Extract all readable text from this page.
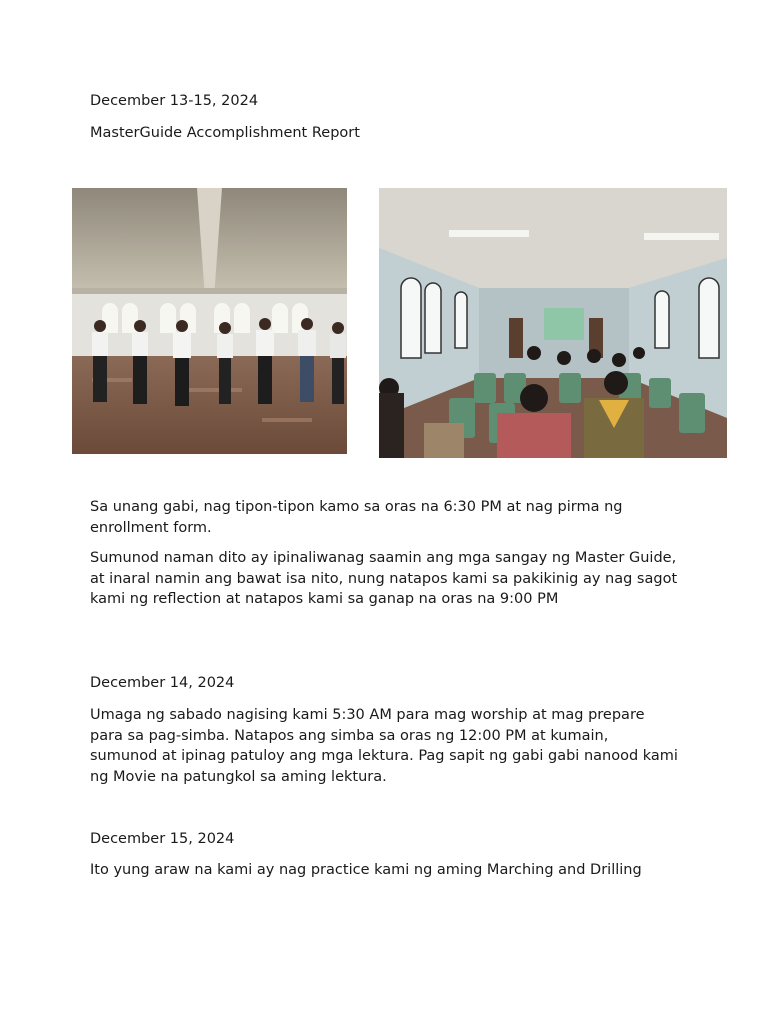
December 13-15, 2024

MasterGuide Accomplishment Report

Sa unang gabi, nag tipon-tipon kamo sa oras na 6:30 PM at nag pirma ng enrollment form.

Sumunod naman dito ay ipinaliwanag saamin ang mga sangay ng Master Guide, at inaral namin ang bawat isa nito, nung natapos kami sa pakikinig ay nag sagot kami ng reflection at natapos kami sa ganap na oras na 9:00 PM

December 14, 2024

Umaga ng sabado nagising kami 5:30 AM para mag worship at mag prepare para sa pag-simba. Natapos ang simba sa oras ng 12:00 PM at kumain, sumunod at ipinag patuloy ang mga lektura. Pag sapit ng gabi gabi nanood kami ng Movie na patungkol sa aming lektura.

December 15, 2024

Ito yung araw na kami ay nag practice kami ng aming Marching and Drilling
